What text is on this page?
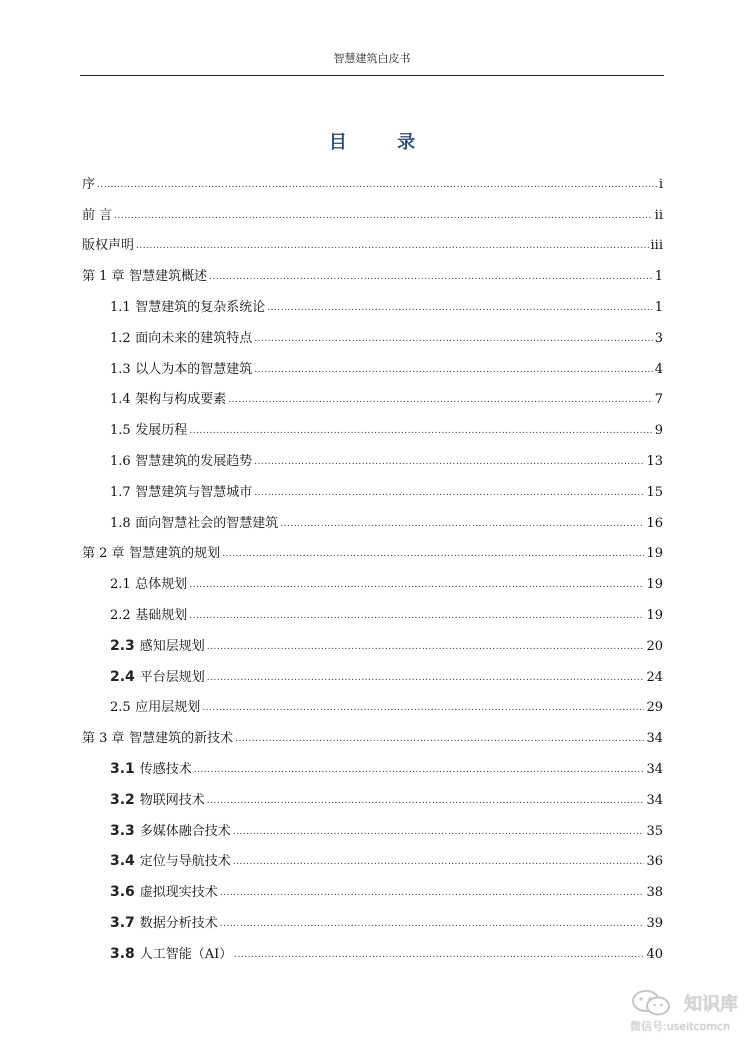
智慧建筑白皮书
目 录
序 .....	i
前 言 .....	ii
版权声明 .....	iii
第 1 章 智慧建筑概述 .....	1
1.1 智慧建筑的复杂系统论 .....	1
1.2 面向未来的建筑特点 .....	3
1.3 以人为本的智慧建筑 .....	4
1.4 架构与构成要素 .....	7
1.5 发展历程 .....	9
1.6 智慧建筑的发展趋势 .....	13
1.7 智慧建筑与智慧城市 .....	15
1.8 面向智慧社会的智慧建筑 .....	16
第 2 章 智慧建筑的规划 .....	19
2.1 总体规划 .....	19
2.2 基础规划 .....	19
2.3 感知层规划 .....	20
2.4 平台层规划 .....	24
2.5 应用层规划 .....	29
第 3 章 智慧建筑的新技术 .....	34
3.1 传感技术 .....	34
3.2 物联网技术 .....	34
3.3 多媒体融合技术 .....	35
3.4 定位与导航技术 .....	36
3.6 虚拟现实技术 .....	38
3.7 数据分析技术 .....	39
3.8 人工智能（AI） .....	40
知识库
微信号:useitcomcn
